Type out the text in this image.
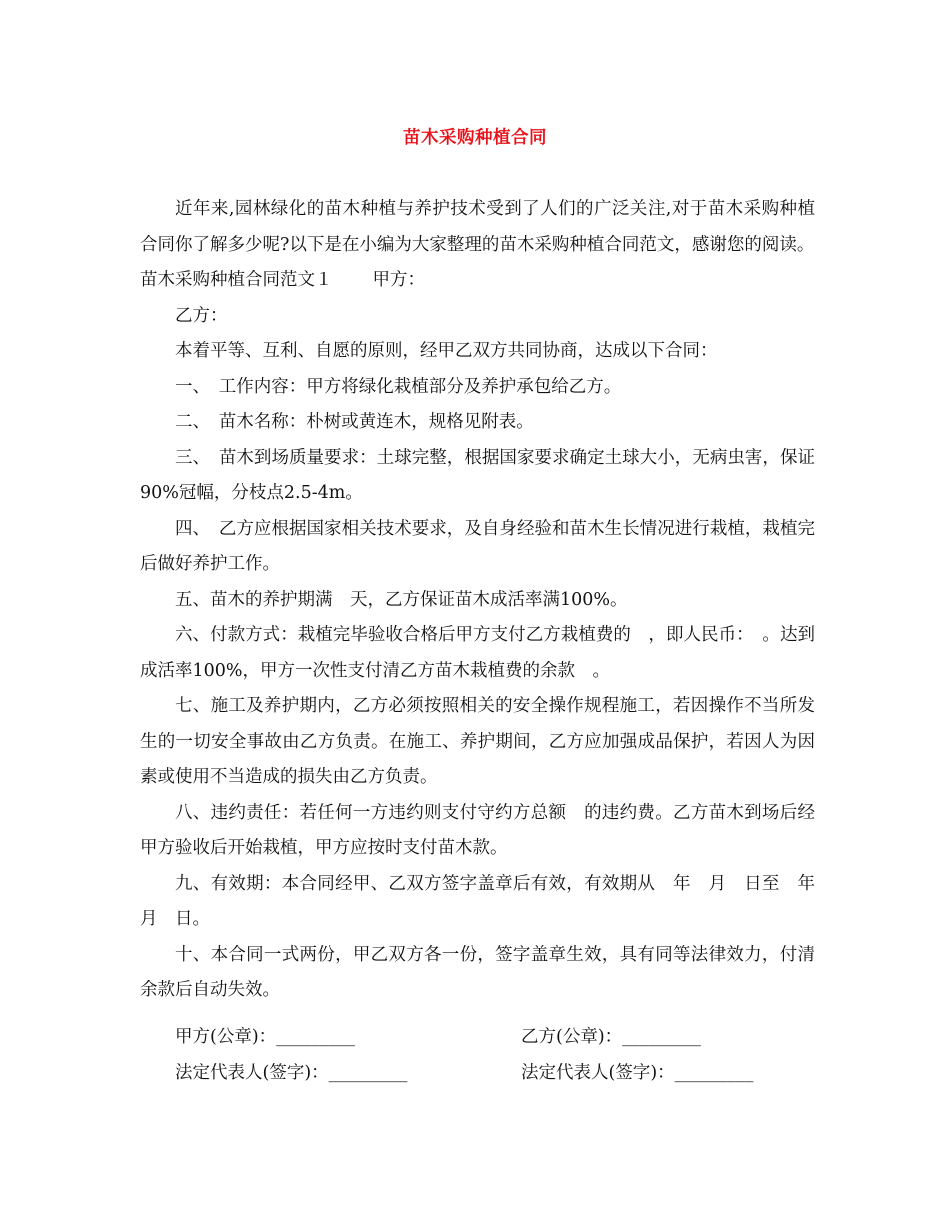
苗木采购种植合同

近年来,园林绿化的苗木种植与养护技术受到了人们的广泛关注,对于苗木采购种植合同你了解多少呢?以下是在小编为大家整理的苗木采购种植合同范文，感谢您的阅读。

苗木采购种植合同范文１ 甲方：

乙方：

本着平等、互利、自愿的原则，经甲乙双方共同协商，达成以下合同：

一、　工作内容：甲方将绿化栽植部分及养护承包给乙方。

二、　苗木名称：朴树或黄连木，规格见附表。

三、　苗木到场质量要求：土球完整，根据国家要求确定土球大小，无病虫害，保证90%冠幅，分枝点2.5-4m。

四、　乙方应根据国家相关技术要求，及自身经验和苗木生长情况进行栽植，栽植完后做好养护工作。

五、苗木的养护期满　天，乙方保证苗木成活率满100%。

六、付款方式：栽植完毕验收合格后甲方支付乙方栽植费的　，即人民币：　。达到成活率100%，甲方一次性支付清乙方苗木栽植费的余款　。

七、施工及养护期内，乙方必须按照相关的安全操作规程施工，若因操作不当所发生的一切安全事故由乙方负责。在施工、养护期间，乙方应加强成品保护，若因人为因素或使用不当造成的损失由乙方负责。

八、违约责任：若任何一方违约则支付守约方总额　的违约费。乙方苗木到场后经甲方验收后开始栽植，甲方应按时支付苗木款。

九、有效期：本合同经甲、乙双方签字盖章后有效，有效期从　年　月　日至　年　月　日。

十、本合同一式两份，甲乙双方各一份，签字盖章生效，具有同等法律效力，付清余款后自动失效。

甲方(公章)：_________	乙方(公章)：_________
法定代表人(签字)：_________	法定代表人(签字)：_________
